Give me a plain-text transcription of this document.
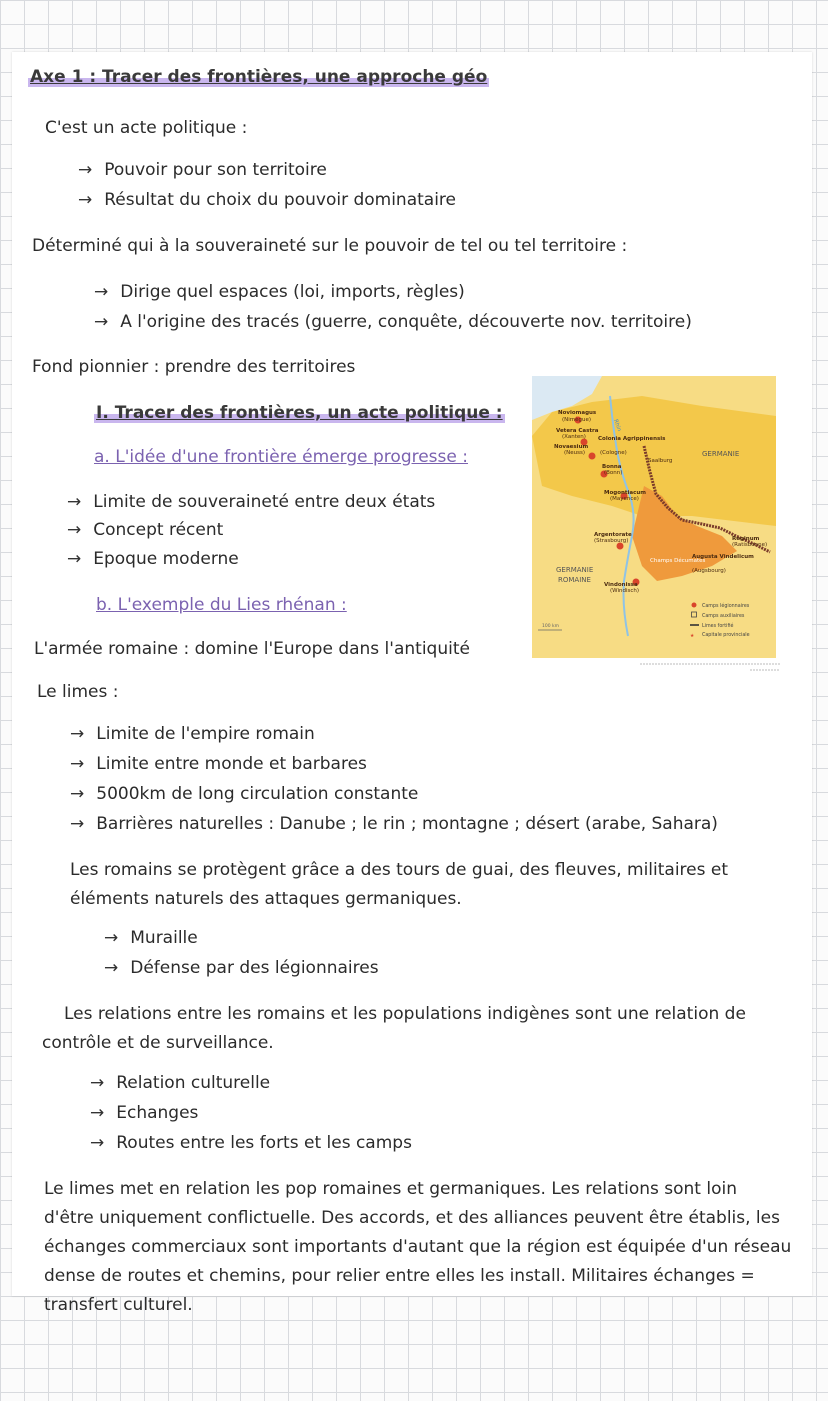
Axe 1 : Tracer des frontières, une approche géo
C'est un acte politique :
→ Pouvoir pour son territoire
→ Résultat du choix du pouvoir dominataire
Déterminé qui à la souveraineté sur le pouvoir de tel ou tel territoire :
→ Dirige quel espaces (loi, imports, règles)
→ A l'origine des tracés (guerre, conquête, découverte nov. territoire)
Fond pionnier : prendre des territoires
I. Tracer des frontières, un acte politique :
a. L'idée d'une frontière émerge progresse :
→ Limite de souveraineté entre deux états
→ Concept récent
→ Epoque moderne
b. L'exemple du Lies rhénan :
L'armée romaine : domine l'Europe dans l'antiquité
Le limes :
→ Limite de l'empire romain
→ Limite entre monde et barbares
→ 5000km de long circulation constante
→ Barrières naturelles : Danube ; le rin ; montagne ; désert (arabe, Sahara)
Les romains se protègent grâce a des tours de guai, des fleuves, militaires et éléments naturels des attaques germaniques.
→ Muraille
→ Défense par des légionnaires
Les relations entre les romains et les populations indigènes sont une relation de contrôle et de surveillance.
→ Relation culturelle
→ Echanges
→ Routes entre les forts et les camps
Le limes met en relation les pop romaines et germaniques. Les relations sont loin d'être uniquement conflictuelle. Des accords, et des alliances peuvent être établis, les échanges commerciaux sont importants d'autant que la région est équipée d'un réseau dense de routes et chemins, pour relier entre elles les install. Militaires échanges = transfert culturel.
Noviomagus
(Nimègue)
Vetera Castra
(Xanten)
Novaesium
(Neuss)
Colonia Agrippinensis
(Cologne)
Bonna
(Bonn)
Mogontiacum
(Mayence)
Argentorate
(Strasbourg)
Vindonissa
(Windisch)
Augusta Vindelicum
(Augsbourg)
Reginum
(Ratisbonne)
Saalburg
Rhin
Champs Décumates
GERMANIE
GERMANIE
ROMAINE
Camps légionnaires
Camps auxiliaires
Limes fortifié
★ Capitale provinciale
100 km
